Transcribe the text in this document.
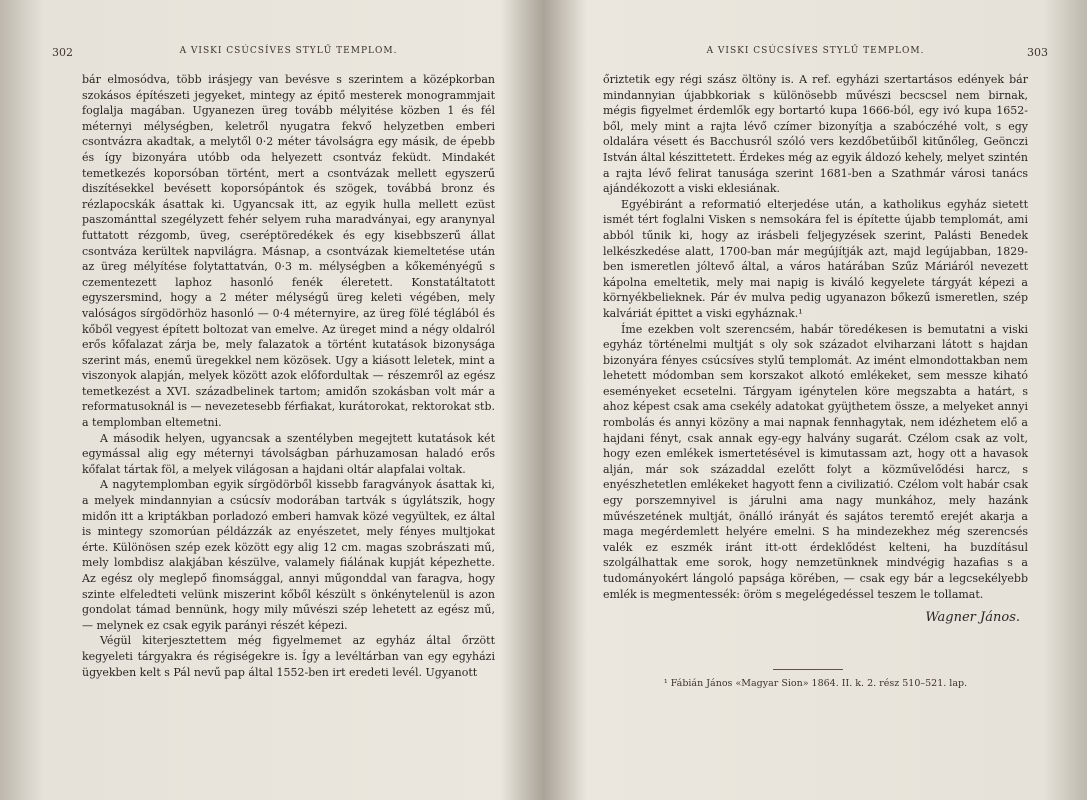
302	A VISKI CSÚCSÍVES STYLŰ TEMPLOM.

bár elmosódva, több irásjegy van bevésve s szerintem a középkorban szokásos építészeti jegyeket, mintegy az épitő mesterek monogrammjait foglalja magában. Ugyanezen üreg tovább mélyitése közben 1 és fél méternyi mélységben, keletről nyugatra fekvő helyzetben emberi csontvázra akadtak, a melytől 0·2 méter távolságra egy másik, de épebb és így bizonyára utóbb oda helyezett csontváz feküdt. Mindakét temetkezés koporsóban történt, mert a csontvázak mellett egyszerű diszítésekkel bevésett koporsópántok és szögek, továbbá bronz és rézlapocskák ásattak ki. Ugyancsak itt, az egyik hulla mellett ezüst paszománttal szegélyzett fehér selyem ruha maradványai, egy aranynyal futtatott rézgomb, üveg, cseréptöredékek és egy kisebbszerű állat csontváza kerültek napvilágra. Másnap, a csontvázak kiemeltetése után az üreg mélyítése folytattatván, 0·3 m. mélységben a kőkeményégű s czementezett laphoz hasonló fenék éleretett. Konstatáltatott egyszersmind, hogy a 2 méter mélységű üreg keleti végében, mely valóságos sírgödörhöz hasonló — 0·4 méternyire, az üreg fölé téglából és kőből vegyest épített boltozat van emelve. Az üreget mind a négy oldalról erős kőfalazat zárja be, mely falazatok a történt kutatások bizonysága szerint más, enemű üregekkel nem közösek. Ugy a kiásott leletek, mint a viszonyok alapján, melyek között azok előfordultak — részemről az egész temetkezést a XVI. századbelinek tartom; amidőn szokásban volt már a reformatusoknál is — nevezetesebb férfiakat, kurátorokat, rektorokat stb. a templomban eltemetni.

A második helyen, ugyancsak a szentélyben megejtett kutatások két egymással alig egy méternyi távolságban párhuzamosan haladó erős kőfalat tártak föl, a melyek világosan a hajdani oltár alapfalai voltak.

A nagytemplomban egyik sírgödörből kissebb faragványok ásattak ki, a melyek mindannyian a csúcsív modorában tartvák s úgylátszik, hogy midőn itt a kriptákban porladozó emberi hamvak közé vegyültek, ez által is mintegy szomorúan példázzák az enyészetet, mely fényes multjokat érte. Különösen szép ezek között egy alig 12 cm. magas szobrászati mű, mely lombdisz alakjában készülve, valamely fiálának kupját képezhette. Az egész oly meglepő finomsággal, annyi műgonddal van faragva, hogy szinte elfeledteti velünk miszerint kőből készült s önkénytelenül is azon gondolat támad bennünk, hogy mily művészi szép lehetett az egész mű, — melynek ez csak egyik parányi részét képezi.

Végül kiterjesztettem még figyelmemet az egyház által őrzött kegyeleti tárgyakra és régiségekre is. Így a levéltárban van egy egyházi ügyekben kelt s Pál nevű pap által 1552-ben irt eredeti levél. Ugyanott

A VISKI CSÚCSÍVES STYLŰ TEMPLOM.	303

őriztetik egy régi szász öltöny is. A ref. egyházi szertartásos edények bár mindannyian újabbkoriak s különösebb művészi becscsel nem birnak, mégis figyelmet érdemlők egy bortartó kupa 1666-ból, egy ivó kupa 1652-ből, mely mint a rajta lévő czímer bizonyítja a szabóczéhé volt, s egy oldalára vésett és Bacchusról szóló vers kezdőbetűiből kitűnőleg, Geönczi István által készittetett. Érdekes még az egyik áldozó kehely, melyet szintén a rajta lévő felirat tanusága szerint 1681-ben a Szathmár városi tanács ajándékozott a viski eklesiának.

Egyébiránt a reformatió elterjedése után, a katholikus egyház sietett ismét tért foglalni Visken s nemsokára fel is építette újabb templomát, ami abból tűnik ki, hogy az irásbeli feljegyzések szerint, Palásti Benedek lelkészkedése alatt, 1700-ban már megújítják azt, majd legújabban, 1829-ben ismeretlen jóltevő által, a város határában Szűz Máriáról nevezett kápolna emeltetik, mely mai napig is kiváló kegyelete tárgyát képezi a környékbelieknek. Pár év mulva pedig ugyanazon bőkezű ismeretlen, szép kalváriát épittet a viski egyháznak.¹

Íme ezekben volt szerencsém, habár töredékesen is bemutatni a viski egyház történelmi multját s oly sok századot elviharzani látott s hajdan bizonyára fényes csúcsíves stylű templomát. Az imént elmondottakban nem lehetett módomban sem korszakot alkotó emlékeket, sem messze kiható eseményeket ecsetelni. Tárgyam igénytelen köre megszabta a határt, s ahoz képest csak ama csekély adatokat gyüjthetem össze, a melyeket annyi rombolás és annyi közöny a mai napnak fennhagytak, nem idézhetem elő a hajdani fényt, csak annak egy-egy halvány sugarát. Czélom csak az volt, hogy ezen emlékek ismertetésével is kimutassam azt, hogy ott a havasok alján, már sok századdal ezelőtt folyt a közművelődési harcz, s enyészhetetlen emlékeket hagyott fenn a civilizatió. Czélom volt habár csak egy porszemnyivel is járulni ama nagy munkához, mely hazánk művészetének multját, önálló irányát és sajátos teremtő erejét akarja a maga megérdemlett helyére emelni. S ha mindezekhez még szerencsés valék ez eszmék iránt itt-ott érdeklődést kelteni, ha buzdításul szolgálhattak eme sorok, hogy nemzetünknek mindvégig hazafias s a tudományokért lángoló papsága körében, — csak egy bár a legcsekélyebb emlék is megmentessék: öröm s megelégedéssel teszem le tollamat.

Wagner János.
¹ Fábián János «Magyar Sion» 1864. II. k. 2. rész 510–521. lap.
